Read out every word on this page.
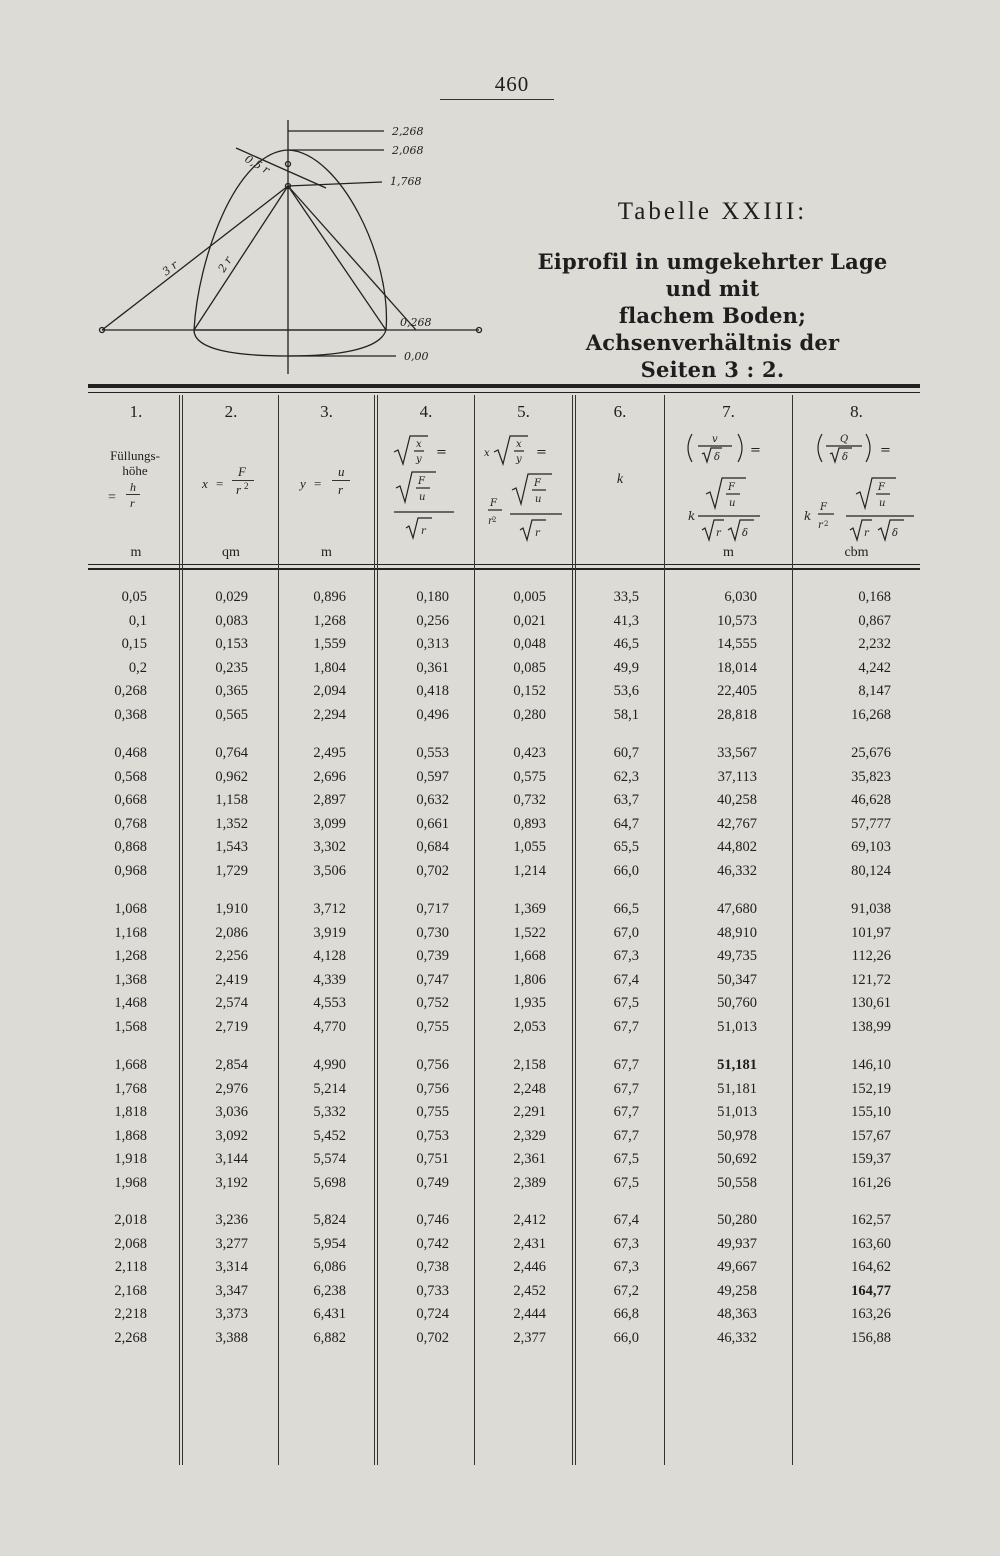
460
2,268
2,068
1,768
0,5 r
3 r	2 r
0,268
0,00
Tabelle XXIII:
Eiprofil in umgekehrter Lage und mit
flachem Boden; Achsenverhältnis der
Seiten 3 : 2.
1.	2.	3.	4.	5.	6.	7.	8.
Füllungs-
höhe
=
h
r
x =
F
r 2	y =
u
r
x
y
F
u
r
=	x
x
y
F
r
F
u
r
2
=
k
v
δ
F
u
r δ
k
=
Q
δ
F
r
F
u
r δ
k
2
=
m	qm	m	m	cbm
0,05	0,029	0,896	0,180	0,005	33,5	6,030	0,168
0,1	0,083	1,268	0,256	0,021	41,3	10,573	0,867
0,15	0,153	1,559	0,313	0,048	46,5	14,555	2,232
0,2	0,235	1,804	0,361	0,085	49,9	18,014	4,242
0,268	0,365	2,094	0,418	0,152	53,6	22,405	8,147
0,368	0,565	2,294	0,496	0,280	58,1	28,818	16,268
0,468	0,764	2,495	0,553	0,423	60,7	33,567	25,676
0,568	0,962	2,696	0,597	0,575	62,3	37,113	35,823
0,668	1,158	2,897	0,632	0,732	63,7	40,258	46,628
0,768	1,352	3,099	0,661	0,893	64,7	42,767	57,777
0,868	1,543	3,302	0,684	1,055	65,5	44,802	69,103
0,968	1,729	3,506	0,702	1,214	66,0	46,332	80,124
1,068	1,910	3,712	0,717	1,369	66,5	47,680	91,038
1,168	2,086	3,919	0,730	1,522	67,0	48,910	101,97
1,268	2,256	4,128	0,739	1,668	67,3	49,735	112,26
1,368	2,419	4,339	0,747	1,806	67,4	50,347	121,72
1,468	2,574	4,553	0,752	1,935	67,5	50,760	130,61
1,568	2,719	4,770	0,755	2,053	67,7	51,013	138,99
1,668	2,854	4,990	0,756	2,158	67,7	51,181	146,10
1,768	2,976	5,214	0,756	2,248	67,7	51,181	152,19
1,818	3,036	5,332	0,755	2,291	67,7	51,013	155,10
1,868	3,092	5,452	0,753	2,329	67,7	50,978	157,67
1,918	3,144	5,574	0,751	2,361	67,5	50,692	159,37
1,968	3,192	5,698	0,749	2,389	67,5	50,558	161,26
2,018	3,236	5,824	0,746	2,412	67,4	50,280	162,57
2,068	3,277	5,954	0,742	2,431	67,3	49,937	163,60
2,118	3,314	6,086	0,738	2,446	67,3	49,667	164,62
2,168	3,347	6,238	0,733	2,452	67,2	49,258	164,77
2,218	3,373	6,431	0,724	2,444	66,8	48,363	163,26
2,268	3,388	6,882	0,702	2,377	66,0	46,332	156,88
